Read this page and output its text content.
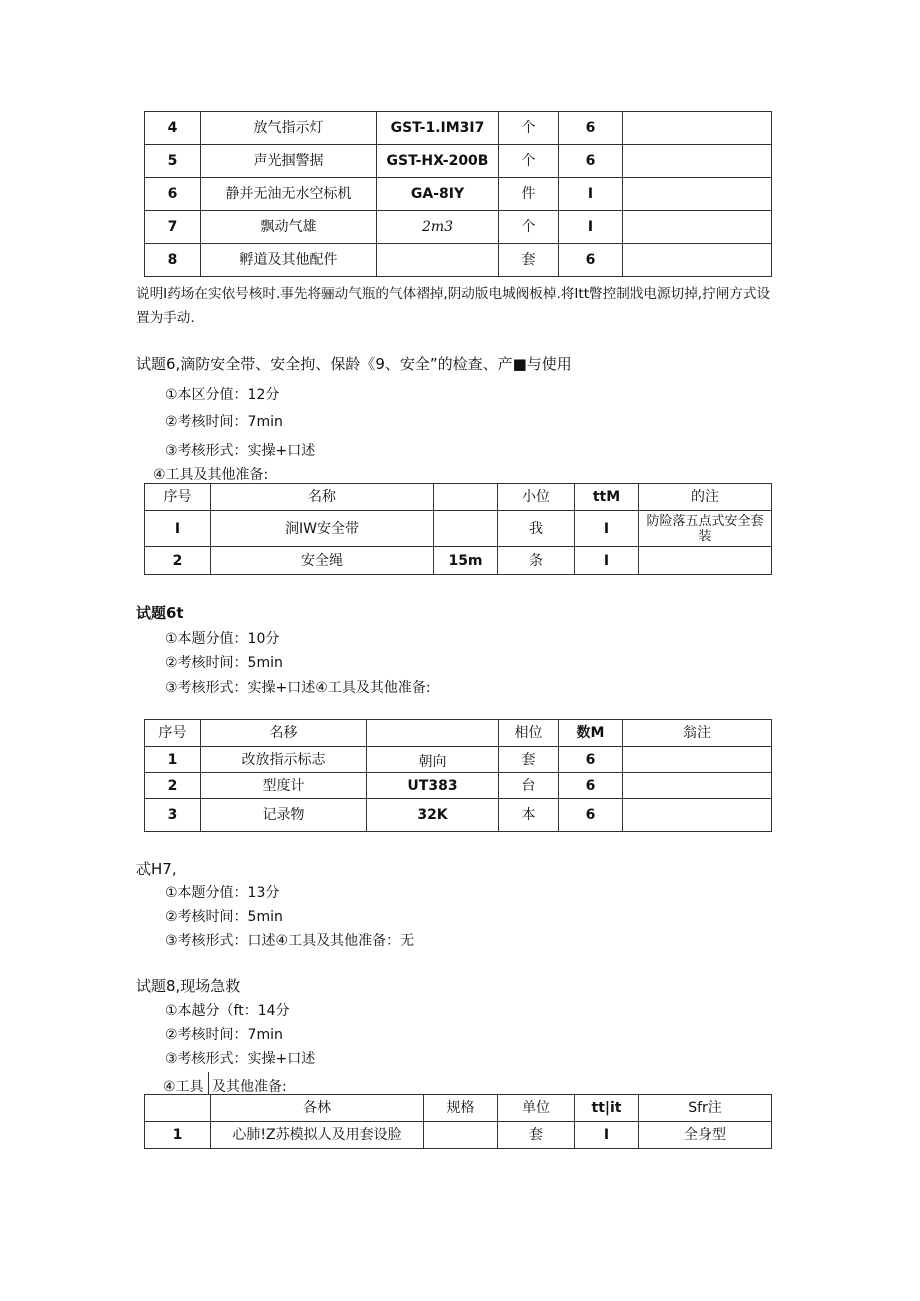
4	放气指示灯	GST-1.IM3I7	个	6	
5	声光掴警据	GST-HX-200B	个	6	
6	静并无油无水空标机	GA-8IY	件	I	
7	飘动气雄	2m3	个	I	
8	孵道及其他配件		套	6	
说明I药场在实依号核时.事先将骊动气瓶的气体褶掉,阴动版电城阀板棹.将Itt瞥控制戕电源切掉,拧闸方式设
置为手动.
试题6,滴防安全带、安全拘、保龄《9、安全”的检查、产■与使用
①本区分值：12分
②考核时间：7min
③考核形式：实操+口述
④工具及其他准备:
序号	名称		小位	ttM	的注
I	涧IW安全带		我	I	防险落五点式安全套装
2	安全绳	15m	条	I	
试题6t
①本题分值：10分
②考核时间：5min
③考核形式：实操+口述④工具及其他准备:
序号	名移		相位	数M	翁注
1	改放指示标志	朝向	套	6	
2	型度计	UT383	台	6	
3	记录物	32K	本	6	
忒H7,
①本题分值：13分
②考核时间：5min
③考核形式：口述④工具及其他准备：无
试题8,现场急救
①本越分（ft：14分
②考核时间：7min
③考核形式：实操+口述
④工具 及其他准备:
	各林	规格	单位	tt|it	Sfr注
1	心肺!Z苏模拟人及用套设脸		套	I	全身型
